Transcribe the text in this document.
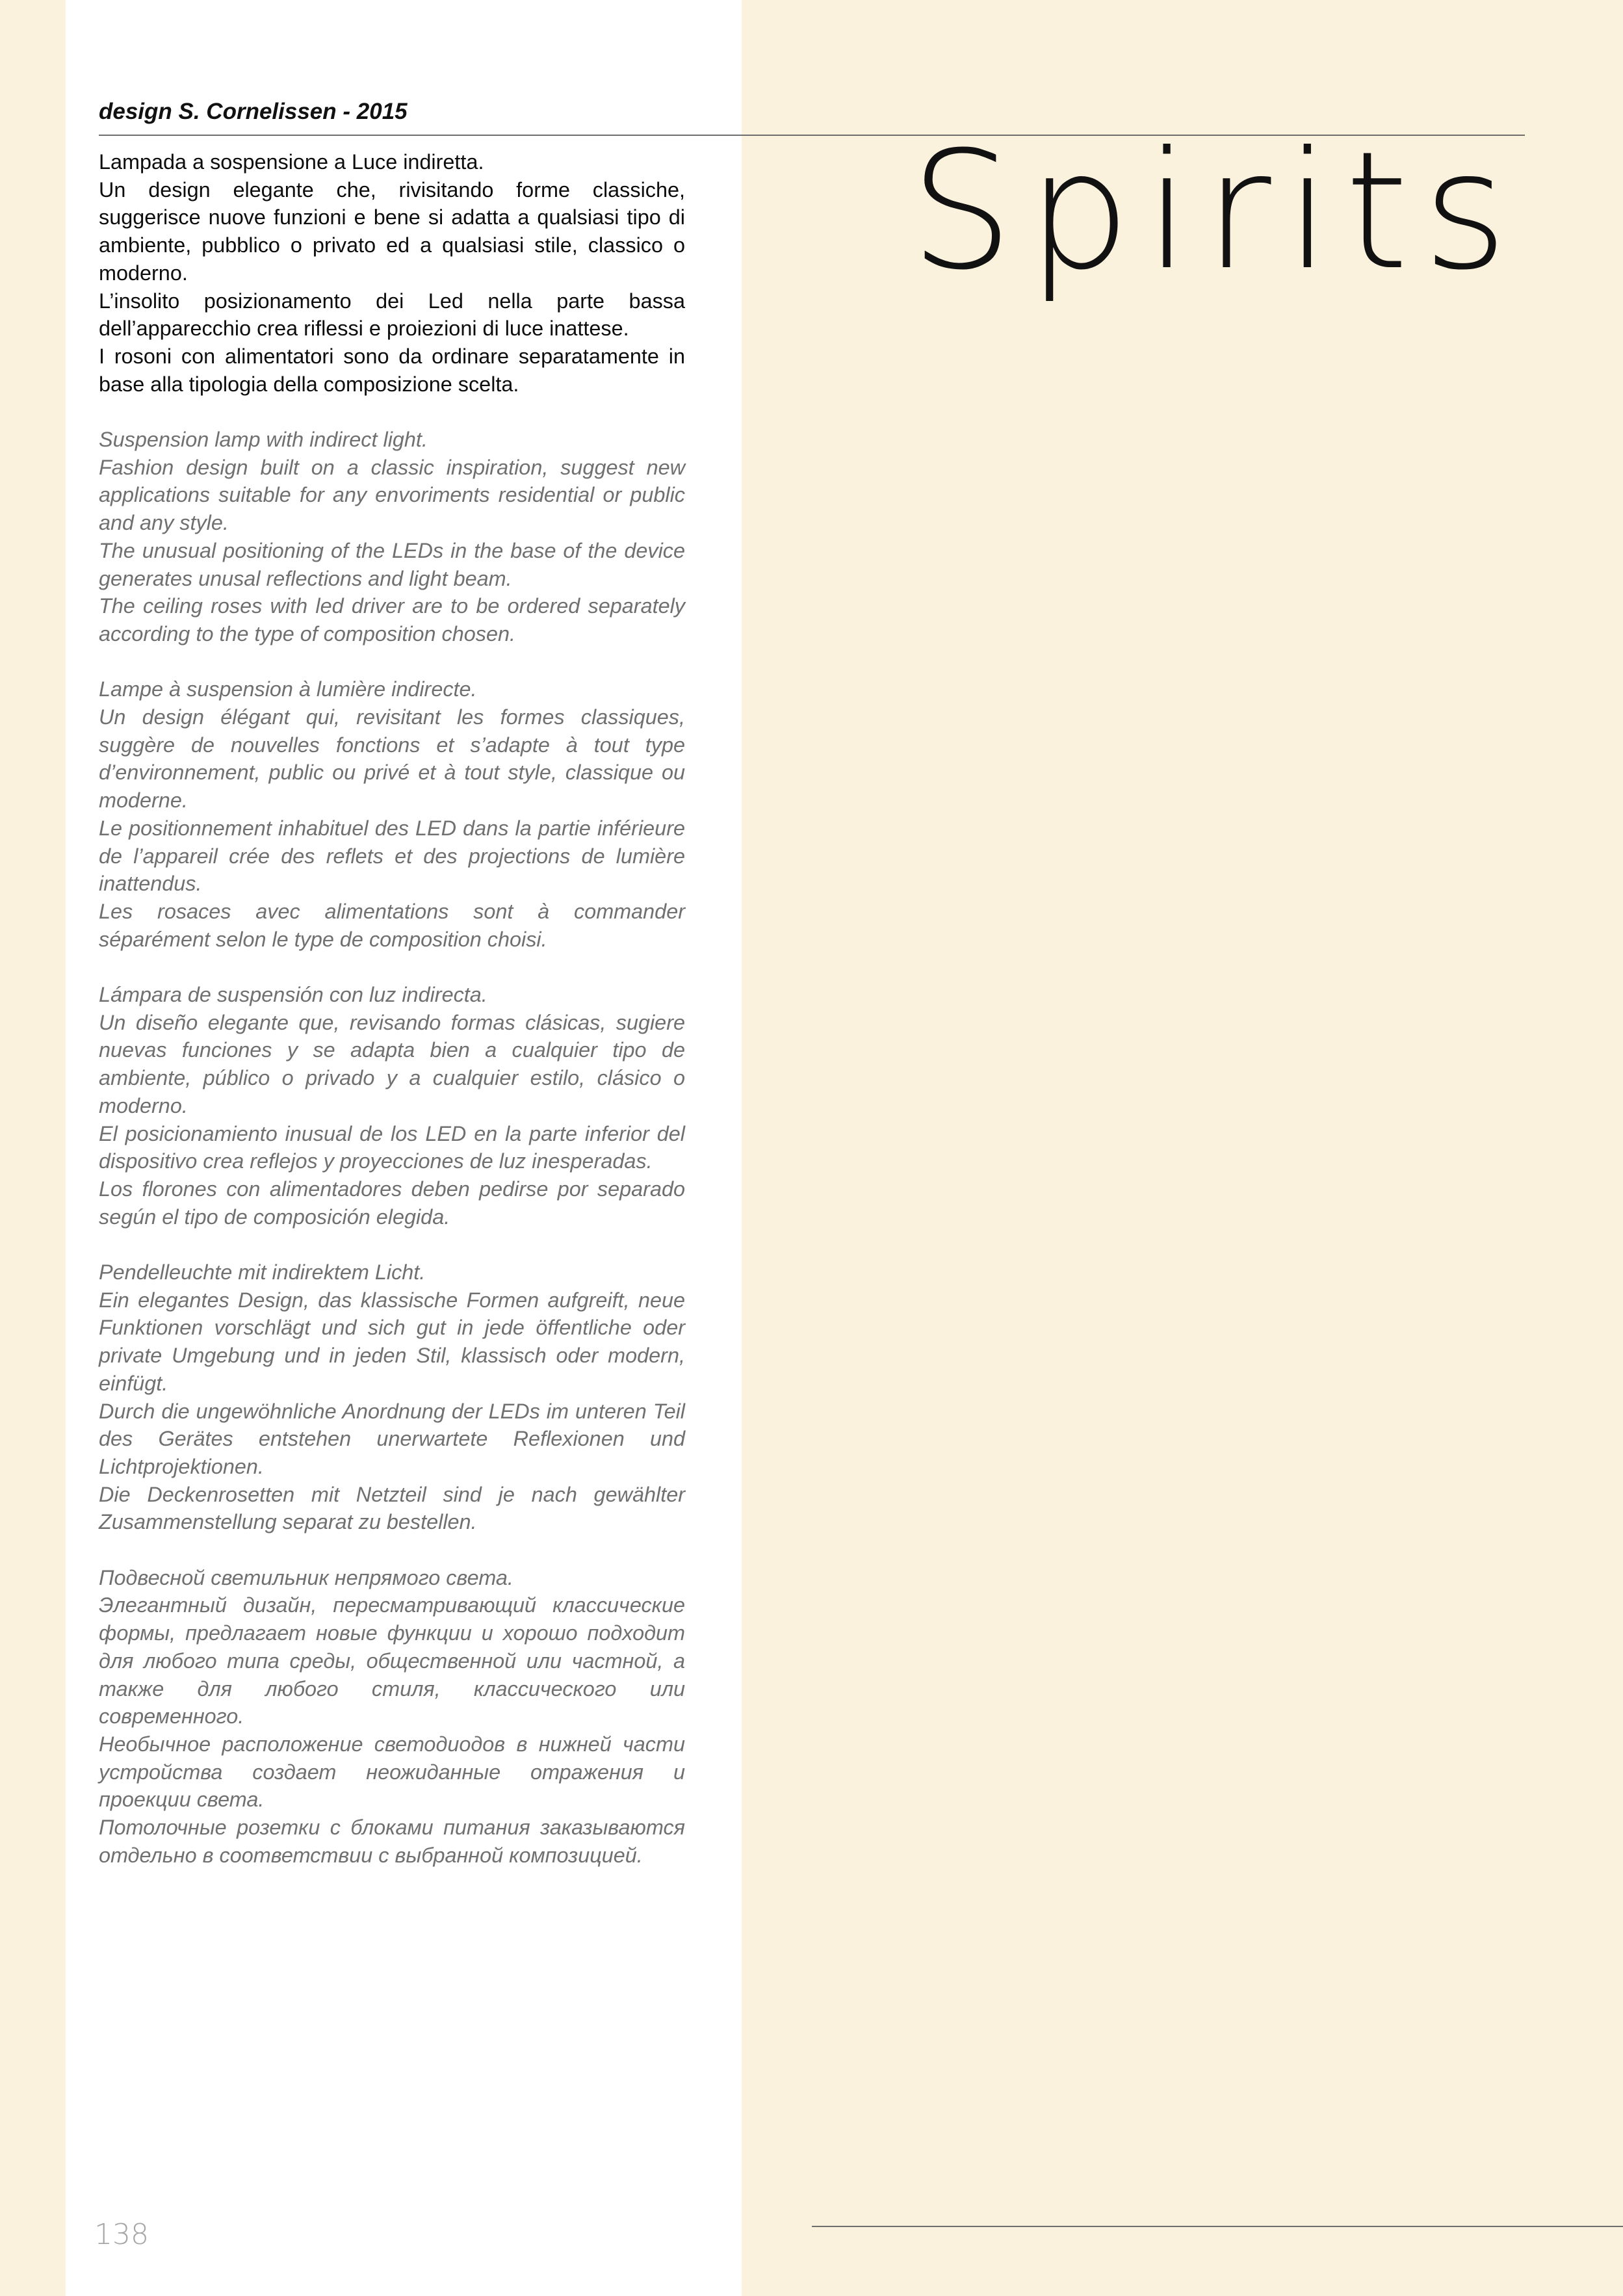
design S. Cornelissen - 2015
Spirits

Lampada a sospensione a Luce indiretta.

Un design elegante che, rivisitando forme classiche, suggerisce nuove funzioni e bene si adatta a qualsiasi tipo di ambiente, pubblico o privato ed a qualsiasi stile, classico o moderno.

L’insolito posizionamento dei Led nella parte bassa dell’apparecchio crea riflessi e proiezioni di luce inattese.

I rosoni con alimentatori sono da ordinare separatamente in base alla tipologia della composizione scelta.

Suspension lamp with indirect light.

Fashion design built on a classic inspiration, suggest new applications suitable for any envoriments residential or public and any style.

The unusual positioning of the LEDs in the base of the device generates unusal reflections and light beam.

The ceiling roses with led driver are to be ordered separately according to the type of composition chosen.

Lampe à suspension à lumière indirecte.

Un design élégant qui, revisitant les formes classiques, suggère de nouvelles fonctions et s’adapte à tout type d’environnement, public ou privé et à tout style, classique ou moderne.

Le positionnement inhabituel des LED dans la partie inférieure de l’appareil crée des reflets et des projections de lumière inattendus.

Les rosaces avec alimentations sont à commander séparément selon le type de composition choisi.

Lámpara de suspensión con luz indirecta.

Un diseño elegante que, revisando formas clásicas, sugiere nuevas funciones y se adapta bien a cualquier tipo de ambiente, público o privado y a cualquier estilo, clásico o moderno.

El posicionamiento inusual de los LED en la parte inferior del dispositivo crea reflejos y proyecciones de luz inesperadas.

Los florones con alimentadores deben pedirse por separado según el tipo de composición elegida.

Pendelleuchte mit indirektem Licht.

Ein elegantes Design, das klassische Formen aufgreift, neue Funktionen vorschlägt und sich gut in jede öffentliche oder private Umgebung und in jeden Stil, klassisch oder modern, einfügt.

Durch die ungewöhnliche Anordnung der LEDs im unteren Teil des Gerätes entstehen unerwartete Reflexionen und Lichtprojektionen.

Die Deckenrosetten mit Netzteil sind je nach gewählter Zusammenstellung separat zu bestellen.

Подвесной светильник непрямого света.

Элегантный дизайн, пересматривающий классические формы, предлагает новые функции и хорошо подходит для любого типа среды, общественной или частной, а также для любого стиля, классического или современного.

Необычное расположение светодиодов в нижней части устройства создает неожиданные отражения и проекции света.

Потолочные розетки с блоками питания заказываются отдельно в соответствии с выбранной композицией.

138
